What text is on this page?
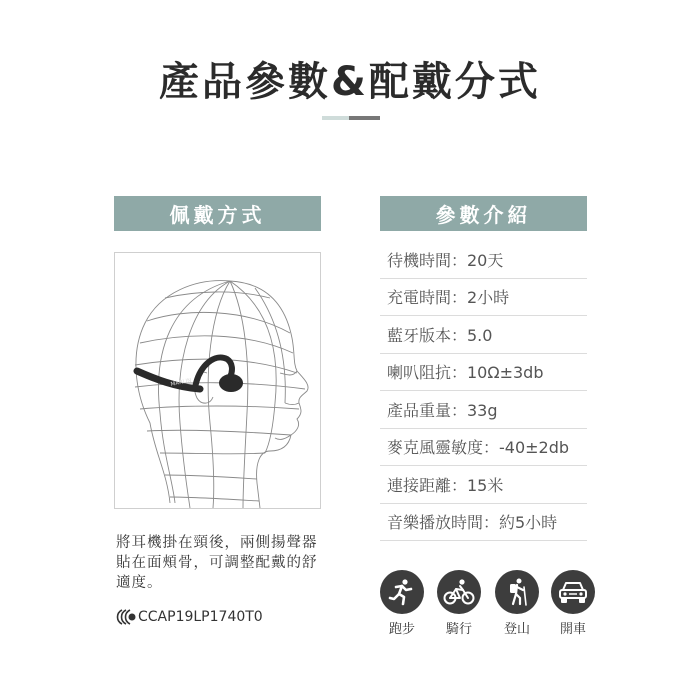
產品參數&配戴分式
佩戴方式
MARLIN
將耳機掛在頸後，兩側揚聲器貼在面頰骨，可調整配戴的舒適度。
CCAP19LP1740T0
參數介紹
待機時間：20天
充電時間：2小時
藍牙版本：5.0
喇叭阻抗：10Ω±3db
產品重量：33g
麥克風靈敏度：-40±2db
連接距離：15米
音樂播放時間：約5小時
跑步	騎行	登山	開車
